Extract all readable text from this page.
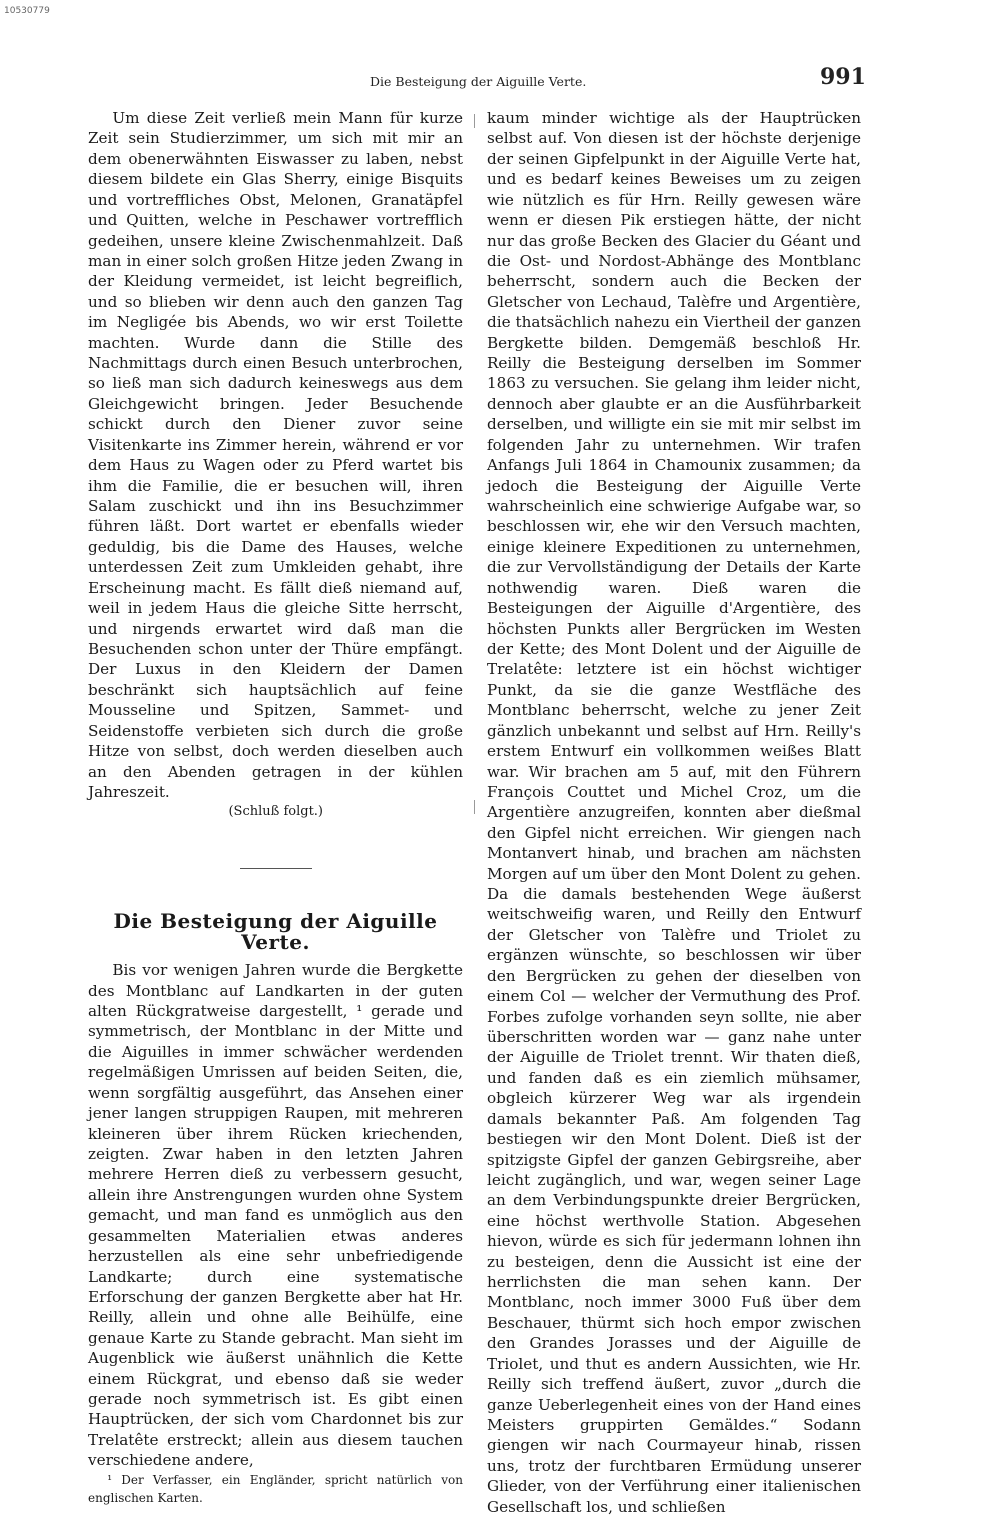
10530779
Die Besteigung der Aiguille Verte.	991

Um diese Zeit verließ mein Mann für kurze Zeit sein Studierzimmer, um sich mit mir an dem obenerwähnten Eiswasser zu laben, nebst diesem bildete ein Glas Sherry, einige Bisquits und vortreffliches Obst, Melonen, Granatäpfel und Quitten, welche in Peschawer vortrefflich gedeihen, unsere kleine Zwischenmahlzeit. Daß man in einer solch großen Hitze jeden Zwang in der Kleidung vermeidet, ist leicht begreiflich, und so blieben wir denn auch den ganzen Tag im Negligée bis Abends, wo wir erst Toilette machten. Wurde dann die Stille des Nachmittags durch einen Besuch unterbrochen, so ließ man sich dadurch keineswegs aus dem Gleichgewicht bringen. Jeder Besuchende schickt durch den Diener zuvor seine Visitenkarte ins Zimmer herein, während er vor dem Haus zu Wagen oder zu Pferd wartet bis ihm die Familie, die er besuchen will, ihren Salam zuschickt und ihn ins Besuchzimmer führen läßt. Dort wartet er ebenfalls wieder geduldig, bis die Dame des Hauses, welche unterdessen Zeit zum Umkleiden gehabt, ihre Erscheinung macht. Es fällt dieß niemand auf, weil in jedem Haus die gleiche Sitte herrscht, und nirgends erwartet wird daß man die Besuchenden schon unter der Thüre empfängt. Der Luxus in den Kleidern der Damen beschränkt sich hauptsächlich auf feine Mousseline und Spitzen, Sammet- und Seidenstoffe verbieten sich durch die große Hitze von selbst, doch werden dieselben auch an den Abenden getragen in der kühlen Jahreszeit.

(Schluß folgt.)

Die Besteigung der Aiguille Verte.

Bis vor wenigen Jahren wurde die Bergkette des Montblanc auf Landkarten in der guten alten Rückgratweise dargestellt, ¹ gerade und symmetrisch, der Montblanc in der Mitte und die Aiguilles in immer schwächer werdenden regelmäßigen Umrissen auf beiden Seiten, die, wenn sorgfältig ausgeführt, das Ansehen einer jener langen struppigen Raupen, mit mehreren kleineren über ihrem Rücken kriechenden, zeigten. Zwar haben in den letzten Jahren mehrere Herren dieß zu verbessern gesucht, allein ihre Anstrengungen wurden ohne System gemacht, und man fand es unmöglich aus den gesammelten Materialien etwas anderes herzustellen als eine sehr unbefriedigende Landkarte; durch eine systematische Erforschung der ganzen Bergkette aber hat Hr. Reilly, allein und ohne alle Beihülfe, eine genaue Karte zu Stande gebracht. Man sieht im Augenblick wie äußerst unähnlich die Kette einem Rückgrat, und ebenso daß sie weder gerade noch symmetrisch ist. Es gibt einen Hauptrücken, der sich vom Chardonnet bis zur Trelatête erstreckt; allein aus diesem tauchen verschiedene andere,

¹ Der Verfasser, ein Engländer, spricht natürlich von englischen Karten.

kaum minder wichtige als der Hauptrücken selbst auf. Von diesen ist der höchste derjenige der seinen Gipfelpunkt in der Aiguille Verte hat, und es bedarf keines Beweises um zu zeigen wie nützlich es für Hrn. Reilly gewesen wäre wenn er diesen Pik erstiegen hätte, der nicht nur das große Becken des Glacier du Géant und die Ost- und Nordost-Abhänge des Montblanc beherrscht, sondern auch die Becken der Gletscher von Lechaud, Talèfre und Argentière, die thatsächlich nahezu ein Viertheil der ganzen Bergkette bilden. Demgemäß beschloß Hr. Reilly die Besteigung derselben im Sommer 1863 zu versuchen. Sie gelang ihm leider nicht, dennoch aber glaubte er an die Ausführbarkeit derselben, und willigte ein sie mit mir selbst im folgenden Jahr zu unternehmen. Wir trafen Anfangs Juli 1864 in Chamounix zusammen; da jedoch die Besteigung der Aiguille Verte wahrscheinlich eine schwierige Aufgabe war, so beschlossen wir, ehe wir den Versuch machten, einige kleinere Expeditionen zu unternehmen, die zur Vervollständigung der Details der Karte nothwendig waren. Dieß waren die Besteigungen der Aiguille d'Argentière, des höchsten Punkts aller Bergrücken im Westen der Kette; des Mont Dolent und der Aiguille de Trelatête: letztere ist ein höchst wichtiger Punkt, da sie die ganze Westfläche des Montblanc beherrscht, welche zu jener Zeit gänzlich unbekannt und selbst auf Hrn. Reilly's erstem Entwurf ein vollkommen weißes Blatt war. Wir brachen am 5 auf, mit den Führern François Couttet und Michel Croz, um die Argentière anzugreifen, konnten aber dießmal den Gipfel nicht erreichen. Wir giengen nach Montanvert hinab, und brachen am nächsten Morgen auf um über den Mont Dolent zu gehen. Da die damals bestehenden Wege äußerst weitschweifig waren, und Reilly den Entwurf der Gletscher von Talèfre und Triolet zu ergänzen wünschte, so beschlossen wir über den Bergrücken zu gehen der dieselben von einem Col — welcher der Vermuthung des Prof. Forbes zufolge vorhanden seyn sollte, nie aber überschritten worden war — ganz nahe unter der Aiguille de Triolet trennt. Wir thaten dieß, und fanden daß es ein ziemlich mühsamer, obgleich kürzerer Weg war als irgendein damals bekannter Paß. Am folgenden Tag bestiegen wir den Mont Dolent. Dieß ist der spitzigste Gipfel der ganzen Gebirgsreihe, aber leicht zugänglich, und war, wegen seiner Lage an dem Verbindungspunkte dreier Bergrücken, eine höchst werthvolle Station. Abgesehen hievon, würde es sich für jedermann lohnen ihn zu besteigen, denn die Aussicht ist eine der herrlichsten die man sehen kann. Der Montblanc, noch immer 3000 Fuß über dem Beschauer, thürmt sich hoch empor zwischen den Grandes Jorasses und der Aiguille de Triolet, und thut es andern Aussichten, wie Hr. Reilly sich treffend äußert, zuvor „durch die ganze Ueberlegenheit eines von der Hand eines Meisters gruppirten Gemäldes.“ Sodann giengen wir nach Courmayeur hinab, rissen uns, trotz der furchtbaren Ermüdung unserer Glieder, von der Verführung einer italienischen Gesellschaft los, und schließen
